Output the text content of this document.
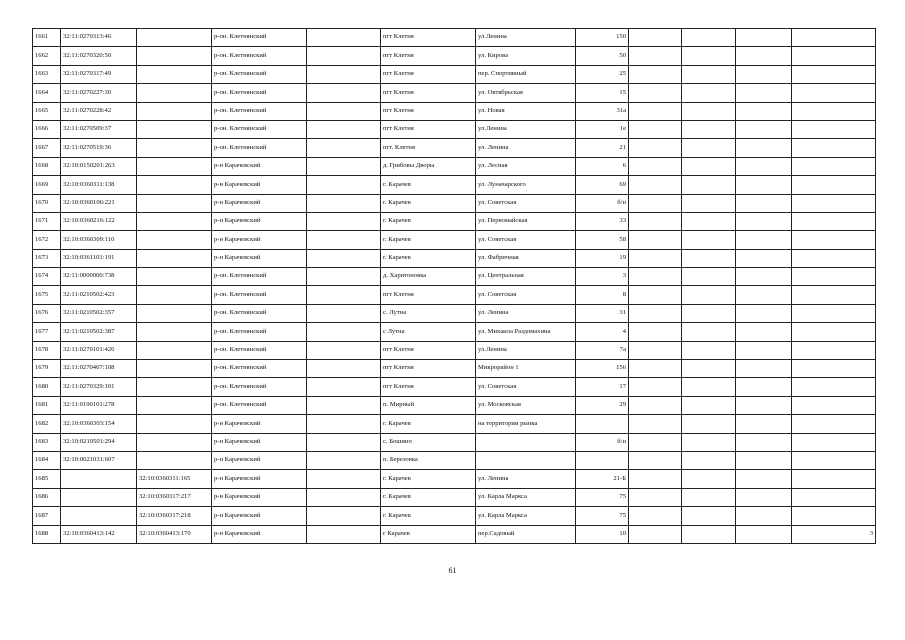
1661	32:11:0270313:46		р-он. Клетнянский		пгт Клетня	ул.Ленина	150				
1662	32:11:0270320:50		р-он. Клетнянский		пгт Клетня	ул. Кирова	50				
1663	32:11:0270317:49		р-он. Клетнянский		пгт Клетня	пер. Спортивный	25				
1664	32:11:0270227:30		р-он. Клетнянский		пгт Клетня	ул. Октябрьская	15				
1665	32:11:0270228:42		р-он. Клетнянский		пгт Клетня	ул. Новая	31а				
1666	32:11:0270509:37		р-он. Клетнянский		пгт Клетня	ул.Ленина	1е				
1667	32:11:0270519:36		р-он. Клетнянский		пгт. Клетня	ул. Ленина	21				
1668	32:10:0150201:263		р-н Карачевский		д. Грибовы Дворы	ул. Лесная	6				
1669	32:10:0360311:138		р-н Карачевский		г. Карачев	ул. Луначарского	69				
1670	32:10:0360106:221		р-н Карачевский		г. Карачев	ул. Советская	б/н				
1671	32:10:0360216:122		р-н Карачевский		г. Карачев	ул. Первомайская	33				
1672	32:10:0360309:110		р-н Карачевский		г. Карачев	ул. Советская	58				
1673	32:10:0361101:191		р-н Карачевский		г. Карачев	ул. Фабричная	19				
1674	32:11:0000000:738		р-он. Клетнянский		д. Харитоновка	ул. Центральная	3				
1675	32:11:0210502:423		р-он. Клетнянский		пгт Клетня	ул. Советская	8				
1676	32:11:0210502:357		р-он. Клетнянский		с. Лутна	ул. Ленина	31				
1677	32:11:0210502:387		р-он. Клетнянский		с Лутна	ул. Михаила Раздомахина	4				
1678	32:11:0270101:426		р-он. Клетнянский		пгт Клетня	ул.Ленина	7а				
1679	32:11:0270407:108		р-он. Клетнянский		пгт Клетня	Микрорайон 1	156				
1680	32:11:0270329:101		р-он. Клетнянский		пгт Клетня	ул. Советская	17				
1681	32:11:0190101:278		р-он. Клетнянский		п. Мирный	ул. Московская	29				
1682	32:10:0360303:154		р-н Карачевский		г. Карачев	на территории рынка					
1683	32:10:0210501:294		р-н Карачевский		с. Бошино		б/н				
1684	32:10:0021031:607		р-н Карачевский		п. Березовка						
1685		32:10:0360311:165	р-н Карачевский		г. Карачев	ул. Ленина	21-Б				
1686		32:10:0360317:217	р-н Карачевский		г. Карачев	ул. Карла Маркса	75				
1687		32:10:0360317:218	р-н Карачевский		г. Карачев	ул. Карла Маркса	75				
1688	32:10:0360413:142	32:10:0360413:170	р-н Карачевский		г Карачев	пер.Садовый	10				3
61
